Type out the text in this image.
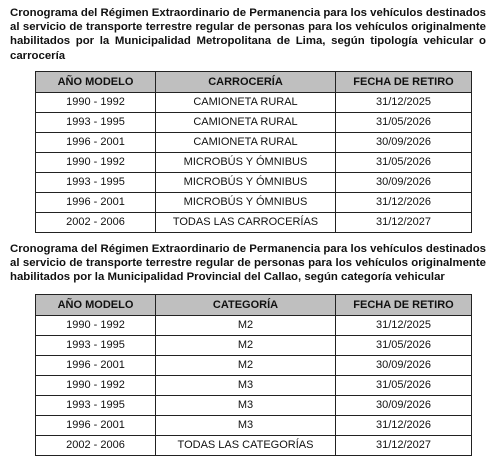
Cronograma del Régimen Extraordinario de Permanencia para los vehículos destinados al servicio de transporte terrestre regular de personas para los vehículos originalmente habilitados por la Municipalidad Metropolitana de Lima, según tipología vehicular o carrocería

AÑO MODELO	CARROCERÍA	FECHA DE RETIRO
1990 - 1992	CAMIONETA RURAL	31/12/2025
1993 - 1995	CAMIONETA RURAL	31/05/2026
1996 - 2001	CAMIONETA RURAL	30/09/2026
1990 - 1992	MICROBÚS Y ÓMNIBUS	31/05/2026
1993 - 1995	MICROBÚS Y ÓMNIBUS	30/09/2026
1996 - 2001	MICROBÚS Y ÓMNIBUS	31/12/2026
2002 - 2006	TODAS LAS CARROCERÍAS	31/12/2027

Cronograma del Régimen Extraordinario de Permanencia para los vehículos destinados al servicio de transporte terrestre regular de personas para los vehículos originalmente habilitados por la Municipalidad Provincial del Callao, según categoría vehicular

AÑO MODELO	CATEGORÍA	FECHA DE RETIRO
1990 - 1992	M2	31/12/2025
1993 - 1995	M2	31/05/2026
1996 - 2001	M2	30/09/2026
1990 - 1992	M3	31/05/2026
1993 - 1995	M3	30/09/2026
1996 - 2001	M3	31/12/2026
2002 - 2006	TODAS LAS CATEGORÍAS	31/12/2027
